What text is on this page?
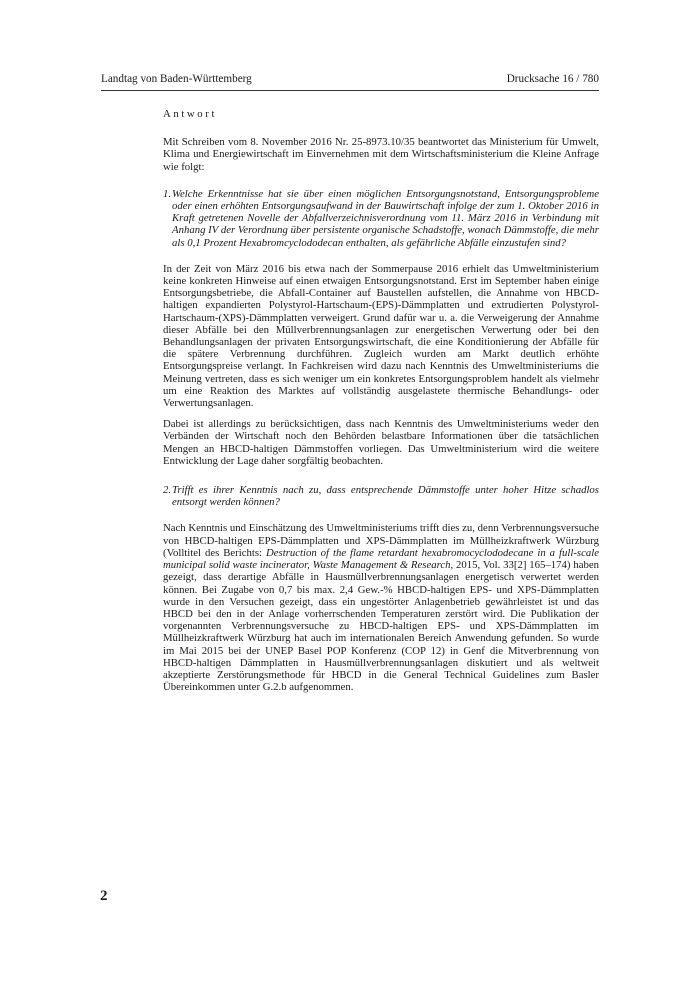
Landtag von Baden-Württemberg	Drucksache 16 / 780
Antwort

Mit Schreiben vom 8. November 2016 Nr. 25-8973.10/35 beantwortet das Ministerium für Umwelt, Klima und Energiewirtschaft im Einvernehmen mit dem Wirtschaftsministerium die Kleine Anfrage wie folgt:

1. Welche Erkenntnisse hat sie über einen möglichen Entsorgungsnotstand, Entsorgungsprobleme oder einen erhöhten Entsorgungsaufwand in der Bauwirtschaft infolge der zum 1. Oktober 2016 in Kraft getretenen Novelle der Abfallverzeichnisverordnung vom 11. März 2016 in Verbindung mit Anhang IV der Verordnung über persistente organische Schadstoffe, wonach Dämmstoffe, die mehr als 0,1 Prozent Hexabromcyclododecan enthalten, als gefährliche Abfälle einzustufen sind?

In der Zeit von März 2016 bis etwa nach der Sommerpause 2016 erhielt das Umweltministerium keine konkreten Hinweise auf einen etwaigen Entsorgungsnotstand. Erst im September haben einige Entsorgungsbetriebe, die Abfall-Container auf Baustellen aufstellen, die Annahme von HBCD-haltigen expandierten Polystyrol-Hartschaum-(EPS)-Dämmplatten und extrudierten Polystyrol-Hartschaum-(XPS)-Dämmplatten verweigert. Grund dafür war u. a. die Verweigerung der Annahme dieser Abfälle bei den Müllverbrennungsanlagen zur energetischen Verwertung oder bei den Behandlungsanlagen der privaten Entsorgungswirtschaft, die eine Konditionierung der Abfälle für die spätere Verbrennung durchführen. Zugleich wurden am Markt deutlich erhöhte Entsorgungspreise verlangt. In Fachkreisen wird dazu nach Kenntnis des Umweltministeriums die Meinung vertreten, dass es sich weniger um ein konkretes Entsorgungsproblem handelt als vielmehr um eine Reaktion des Marktes auf vollständig ausgelastete thermische Behandlungs- oder Verwertungsanlagen.

Dabei ist allerdings zu berücksichtigen, dass nach Kenntnis des Umweltministeriums weder den Verbänden der Wirtschaft noch den Behörden belastbare Informationen über die tatsächlichen Mengen an HBCD-haltigen Dämmstoffen vorliegen. Das Umweltministerium wird die weitere Entwicklung der Lage daher sorgfältig beobachten.

2. Trifft es ihrer Kenntnis nach zu, dass entsprechende Dämmstoffe unter hoher Hitze schadlos entsorgt werden können?

Nach Kenntnis und Einschätzung des Umweltministeriums trifft dies zu, denn Verbrennungsversuche von HBCD-haltigen EPS-Dämmplatten und XPS-Dämmplatten im Müllheizkraftwerk Würzburg (Volltitel des Berichts: Destruction of the flame retardant hexabromocyclododecane in a full-scale municipal solid waste incinerator, Waste Management & Research, 2015, Vol. 33[2] 165–174) haben gezeigt, dass derartige Abfälle in Hausmüllverbrennungsanlagen energetisch verwertet werden können. Bei Zugabe von 0,7 bis max. 2,4 Gew.-% HBCD-haltigen EPS- und XPS-Dämmplatten wurde in den Versuchen gezeigt, dass ein ungestörter Anlagenbetrieb gewährleistet ist und das HBCD bei den in der Anlage vorherrschenden Temperaturen zerstört wird. Die Publikation der vorgenannten Verbrennungsversuche zu HBCD-haltigen EPS- und XPS-Dämmplatten im Müllheizkraftwerk Würzburg hat auch im internationalen Bereich Anwendung gefunden. So wurde im Mai 2015 bei der UNEP Basel POP Konferenz (COP 12) in Genf die Mitverbrennung von HBCD-haltigen Dämmplatten in Hausmüllverbrennungsanlagen diskutiert und als weltweit akzeptierte Zerstörungsmethode für HBCD in die General Technical Guidelines zum Basler Übereinkommen unter G.2.b aufgenommen.

2
